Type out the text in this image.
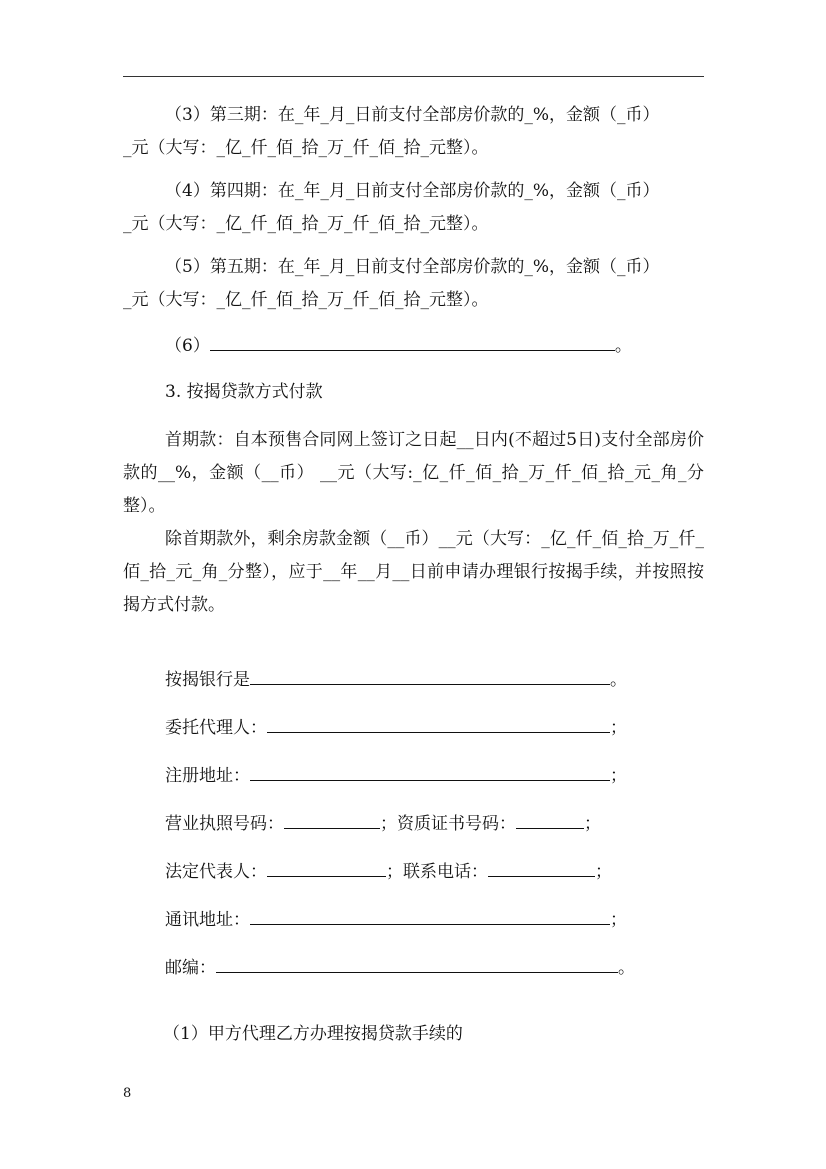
（3）第三期：在_年_月_日前支付全部房价款的_%，金额（_币）
_元（大写：_亿_仟_佰_拾_万_仟_佰_拾_元整）。

（4）第四期：在_年_月_日前支付全部房价款的_%，金额（_币）
_元（大写：_亿_仟_佰_拾_万_仟_佰_拾_元整）。

（5）第五期：在_年_月_日前支付全部房价款的_%，金额（_币）
_元（大写：_亿_仟_佰_拾_万_仟_佰_拾_元整）。

（6）	。
3. 按揭贷款方式付款

首期款：自本预售合同网上签订之日起__日内(不超过5日)支付全部房价款的__%，金额（__币） __元（大写:_亿_仟_佰_拾_万_仟_佰_拾_元_角_分整）。

除首期款外，剩余房款金额（__币）__元（大写：_亿_仟_佰_拾_万_仟_佰_拾_元_角_分整），应于__年__月__日前申请办理银行按揭手续，并按照按揭方式付款。

按揭银行是	。
委托代理人：	；
注册地址：	；
营业执照号码：	；资质证书号码：	；
法定代表人：	；联系电话：	；
通讯地址：	；
邮编：	。
（1）甲方代理乙方办理按揭贷款手续的
8
